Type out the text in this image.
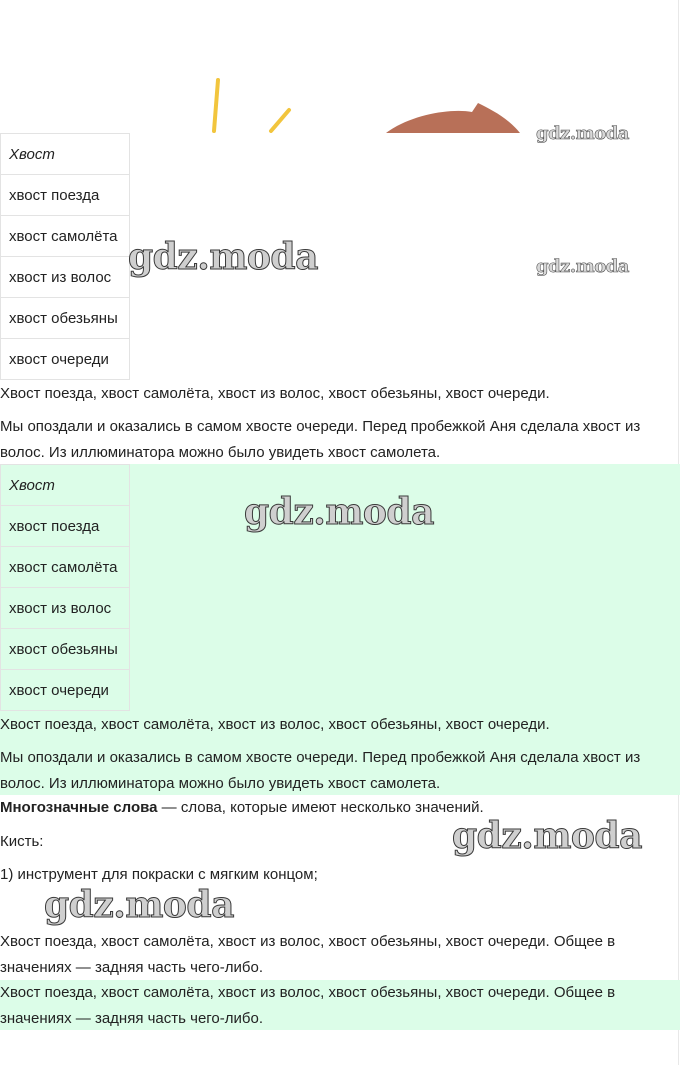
Хвост
хвост поезда
хвост самолёта
хвост из волос
хвост обезьяны
хвост очереди
Хвост поезда, хвост самолёта, хвост из волос, хвост обезьяны, хвост очереди.
Мы опоздали и оказались в самом хвосте очереди. Перед пробежкой Аня сделала хвост из волос. Из иллюминатора можно было увидеть хвост самолета.
Хвост
хвост поезда
хвост самолёта
хвост из волос
хвост обезьяны
хвост очереди
Хвост поезда, хвост самолёта, хвост из волос, хвост обезьяны, хвост очереди.
Мы опоздали и оказались в самом хвосте очереди. Перед пробежкой Аня сделала хвост из волос. Из иллюминатора можно было увидеть хвост самолета.
Многозначные слова — слова, которые имеют несколько значений.
Кисть:
1) инструмент для покраски с мягким концом;
Хвост поезда, хвост самолёта, хвост из волос, хвост обезьяны, хвост очереди. Общее в значениях — задняя часть чего-либо.
Хвост поезда, хвост самолёта, хвост из волос, хвост обезьяны, хвост очереди. Общее в значениях — задняя часть чего-либо.
gdz.moda
gdz.moda	gdz.moda
gdz.moda
gdz.moda
gdz.moda
